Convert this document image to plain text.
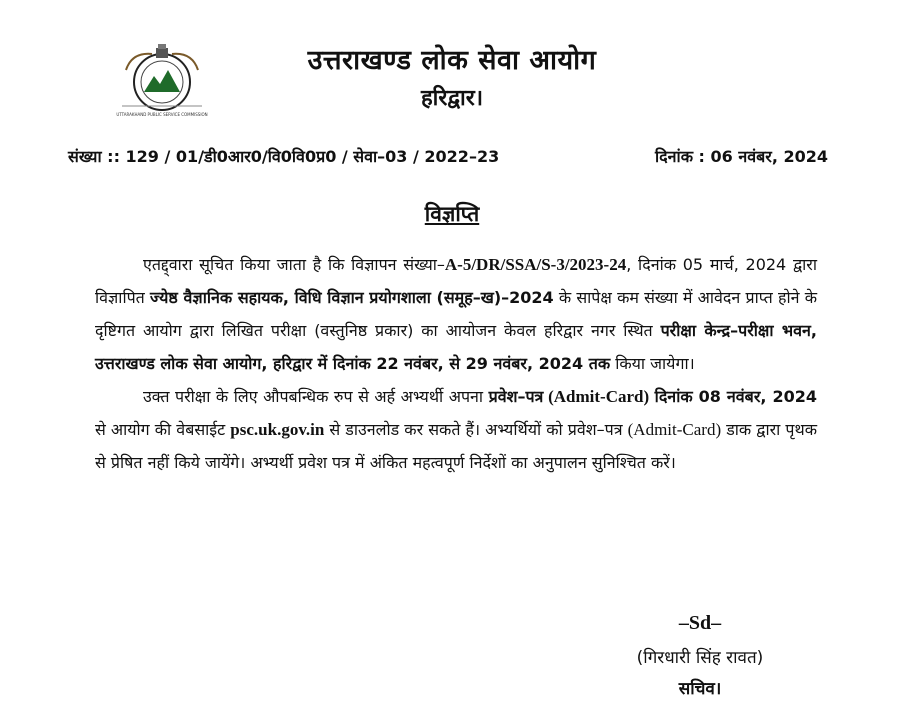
UTTARAKHAND PUBLIC SERVICE COMMISSION
उत्तराखण्ड लोक सेवा आयोग
हरिद्वार।
संख्या :: 129 / 01/डी0आर0/वि0वि0प्र0 / सेवा–03 / 2022–23	दिनांक : 06 नवंबर, 2024
विज्ञप्ति

एतद्द्वारा सूचित किया जाता है कि विज्ञापन संख्या–A-5/DR/SSA/S-3/2023-24, दिनांक 05 मार्च, 2024 द्वारा विज्ञापित ज्येष्ठ वैज्ञानिक सहायक, विधि विज्ञान प्रयोगशाला (समूह–ख)–2024 के सापेक्ष कम संख्या में आवेदन प्राप्त होने के दृष्टिगत आयोग द्वारा लिखित परीक्षा (वस्तुनिष्ठ प्रकार) का आयोजन केवल हरिद्वार नगर स्थित परीक्षा केन्द्र–परीक्षा भवन, उत्तराखण्ड लोक सेवा आयोग, हरिद्वार में दिनांक 22 नवंबर, से 29 नवंबर, 2024 तक किया जायेगा।

उक्त परीक्षा के लिए औपबन्धिक रुप से अर्ह अभ्यर्थी अपना प्रवेश–पत्र (Admit-Card) दिनांक 08 नवंबर, 2024 से आयोग की वेबसाईट psc.uk.gov.in से डाउनलोड कर सकते हैं। अभ्यर्थियों को प्रवेश–पत्र (Admit-Card) डाक द्वारा पृथक से प्रेषित नहीं किये जायेंगे। अभ्यर्थी प्रवेश पत्र में अंकित महत्वपूर्ण निर्देशों का अनुपालन सुनिश्चित करें।

–Sd–
(गिरधारी सिंह रावत)
सचिव।
